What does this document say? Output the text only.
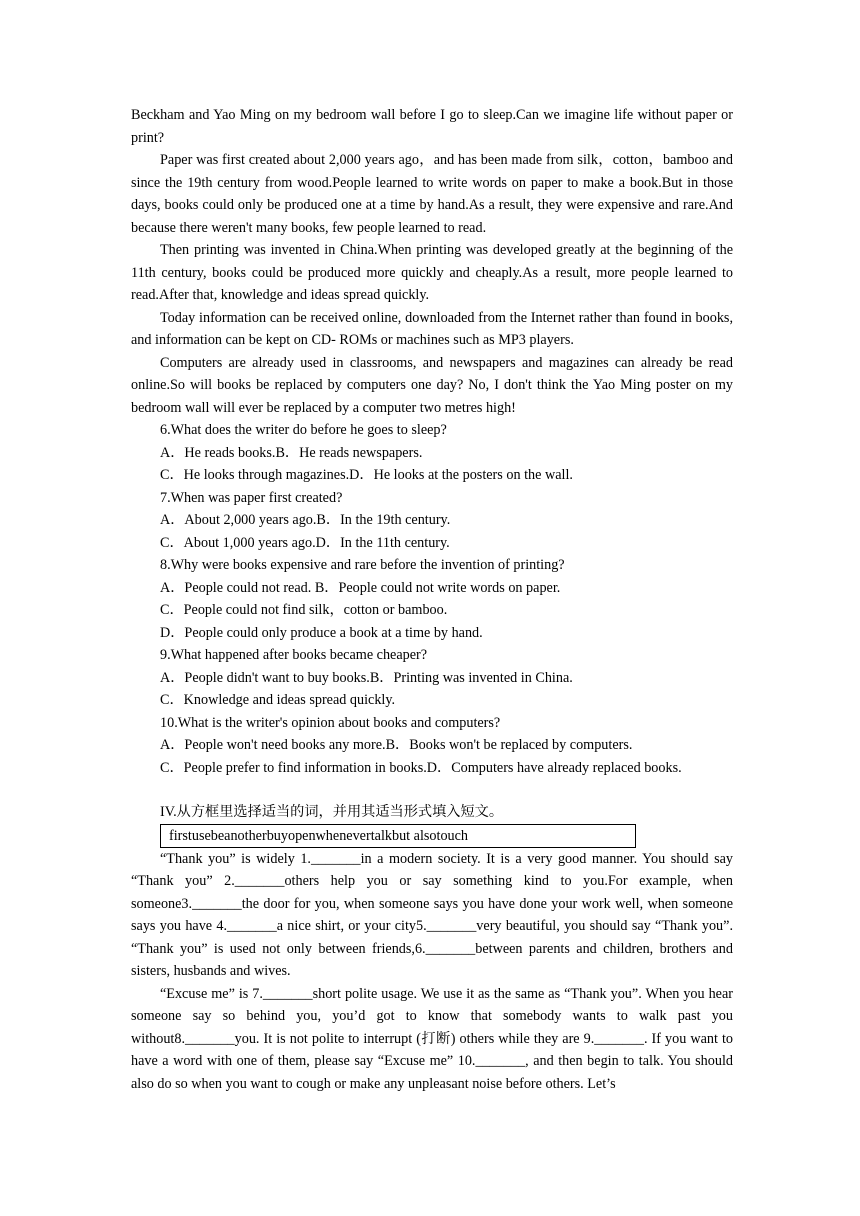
Beckham and Yao Ming on my bedroom wall before I go to sleep.Can we imagine life without paper or print?

Paper was first created about 2,000 years ago，and has been made from silk，cotton，bamboo and since the 19th century from wood.People learned to write words on paper to make a book.But in those days, books could only be produced one at a time by hand.As a result, they were expensive and rare.And because there weren't many books, few people learned to read.

Then printing was invented in China.When printing was developed greatly at the beginning of the 11th century, books could be produced more quickly and cheaply.As a result, more people learned to read.After that, knowledge and ideas spread quickly.

Today information can be received online, downloaded from the Internet rather than found in books, and information can be kept on CD- ROMs or machines such as MP3 players.

Computers are already used in classrooms, and newspapers and magazines can already be read online.So will books be replaced by computers one day? No, I don't think the Yao Ming poster on my bedroom wall will ever be replaced by a computer two metres high!

6.What does the writer do before he goes to sleep?

A．He reads books.B．He reads newspapers.

C．He looks through magazines.D．He looks at the posters on the wall.

7.When was paper first created?

A．About 2,000 years ago.B．In the 19th century.

C．About 1,000 years ago.D．In the 11th century.

8.Why were books expensive and rare before the invention of printing?

A．People could not read. B．People could not write words on paper.

C．People could not find silk，cotton or bamboo.

D．People could only produce a book at a time by hand.

9.What happened after books became cheaper?

A．People didn't want to buy books.B．Printing was invented in China.

C．Knowledge and ideas spread quickly.

10.What is the writer's opinion about books and computers?

A．People won't need books any more.B．Books won't be replaced by computers.

C．People prefer to find information in books.D．Computers have already replaced books.

IV.从方框里选择适当的词，并用其适当形式填入短文。

firstusebeanotherbuyopenwhenevertalkbut alsotouch

“Thank you” is widely 1._______in a modern society. It is a very good manner. You should say “Thank you” 2._______others help you or say something kind to you.For example, when someone3._______the door for you, when someone says you have done your work well, when someone says you have 4._______a nice shirt, or your city5._______very beautiful, you should say “Thank you”. “Thank you” is used not only between friends,6._______between parents and children, brothers and sisters, husbands and wives.

“Excuse me” is 7._______short polite usage. We use it as the same as “Thank you”. When you hear someone say so behind you, you’d got to know that somebody wants to walk past you without8._______you. It is not polite to interrupt (打断) others while they are 9._______. If you want to have a word with one of them, please say “Excuse me” 10._______, and then begin to talk. You should also do so when you want to cough or make any unpleasant noise before others. Let’s
